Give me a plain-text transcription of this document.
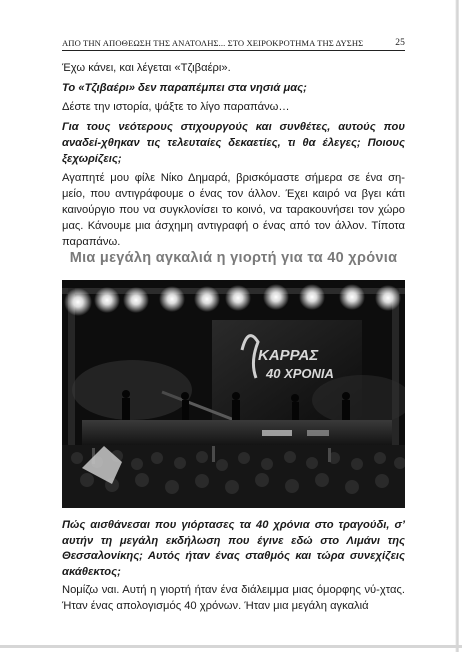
ΑΠΟ ΤΗΝ ΑΠΟΘΕΩΣΗ ΤΗΣ ΑΝΑΤΟΛΗΣ... ΣΤΟ ΧΕΙΡΟΚΡΟΤΗΜΑ ΤΗΣ ΔΥΣΗΣ	25

Έχω κάνει, και λέγεται «Τζιβαέρι».

Το «Τζιβαέρι» δεν παραπέμπει στα νησιά μας;

Δέστε την ιστορία, ψάξτε το λίγο παραπάνω…

Για τους νεότερους στιχουργούς και συνθέτες, αυτούς που αναδεί-χθηκαν τις τελευταίες δεκαετίες, τι θα έλεγες; Ποιους ξεχωρίζεις;

Αγαπητέ μου φίλε Νίκο Δημαρά, βρισκόμαστε σήμερα σε ένα ση-μείο, που αντιγράφουμε ο ένας τον άλλον. Έχει καιρό να βγει κάτι καινούργιο που να συγκλονίσει το κοινό, να ταρακουνήσει τον χώρο μας. Κάνουμε μια άσχημη αντιγραφή ο ένας από τον άλλον. Τίποτα παραπάνω.

Μια μεγάλη αγκαλιά η γιορτή για τα 40 χρόνια
ΚΑΡΡΑΣ
40 ΧΡΟΝΙΑ

Πώς αισθάνεσαι που γιόρτασες τα 40 χρόνια στο τραγούδι, σ’ αυτήν τη μεγάλη εκδήλωση που έγινε εδώ στο Λιμάνι της Θεσσαλονίκης; Αυτός ήταν ένας σταθμός και τώρα συνεχίζεις ακάθεκτος;

Νομίζω ναι. Αυτή η γιορτή ήταν ένα διάλειμμα μιας όμορφης νύ-χτας. Ήταν ένας απολογισμός 40 χρόνων. Ήταν μια μεγάλη αγκαλιά
